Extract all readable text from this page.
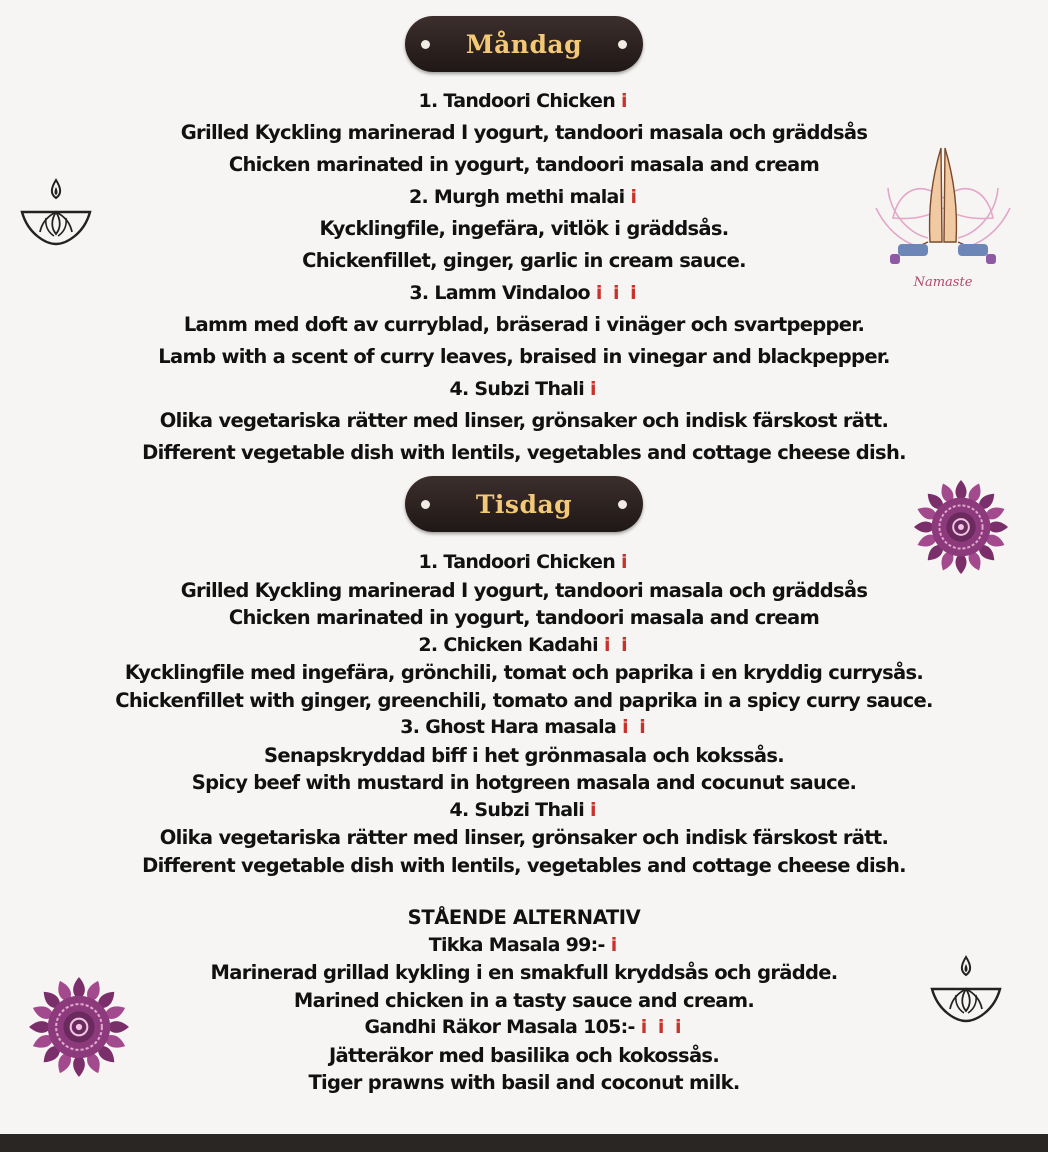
Måndag
1. Tandoori Chicken i
Grilled Kyckling marinerad I yogurt, tandoori masala och gräddsås
Chicken marinated in yogurt, tandoori masala and cream
2. Murgh methi malai i
Kycklingfile, ingefära, vitlök i gräddsås.
Chickenfillet, ginger, garlic in cream sauce.
3. Lamm Vindaloo i i i
Lamm med doft av curryblad, bräserad i vinäger och svartpepper.
Lamb with a scent of curry leaves, braised in vinegar and blackpepper.
4. Subzi Thali i
Olika vegetariska rätter med linser, grönsaker och indisk färskost rätt.
Different vegetable dish with lentils, vegetables and cottage cheese dish.
Tisdag
1. Tandoori Chicken i
Grilled Kyckling marinerad I yogurt, tandoori masala och gräddsås
Chicken marinated in yogurt, tandoori masala and cream
2. Chicken Kadahi i i
Kycklingfile med ingefära, grönchili, tomat och paprika i en kryddig currysås.
Chickenfillet with ginger, greenchili, tomato and paprika in a spicy curry sauce.
3. Ghost Hara masala i i
Senapskryddad biff i het grönmasala och kokssås.
Spicy beef with mustard in hotgreen masala and cocunut sauce.
4. Subzi Thali i
Olika vegetariska rätter med linser, grönsaker och indisk färskost rätt.
Different vegetable dish with lentils, vegetables and cottage cheese dish.
STÅENDE ALTERNATIV
Tikka Masala 99:- i
Marinerad grillad kykling i en smakfull kryddsås och grädde.
Marined chicken in a tasty sauce and cream.
Gandhi Räkor Masala 105:- i i i
Jätteräkor med basilika och kokossås.
Tiger prawns with basil and coconut milk.
Namaste
